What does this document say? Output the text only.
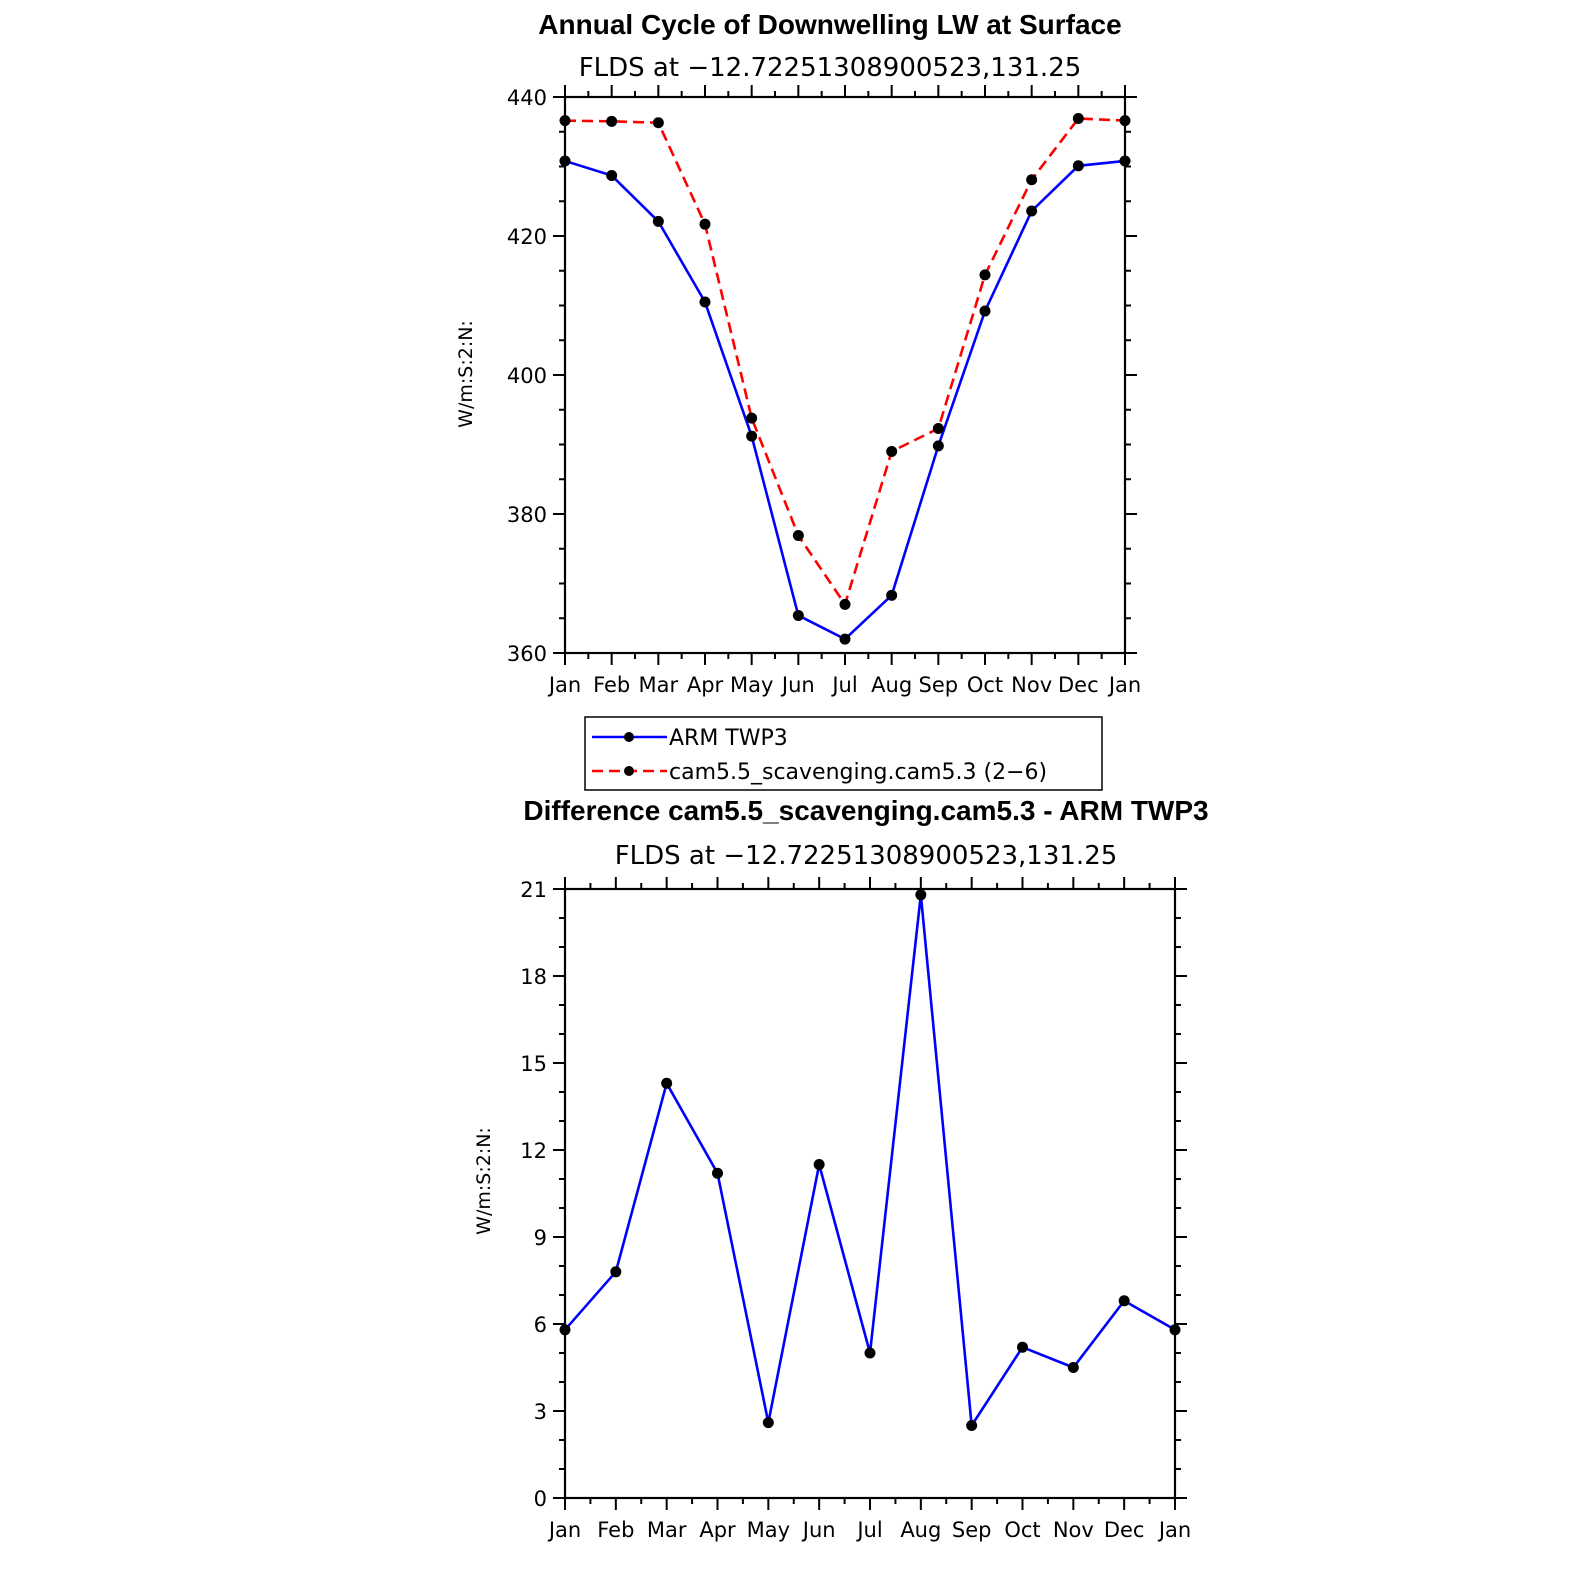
Annual Cycle of Downwelling LW at Surface
FLDS at −12.72251308900523,131.25
W/m:S:2:N:
Jan Feb Mar Apr May Jun Jul Aug Sep Oct Nov Dec Jan
360
380
400
420
440
ARM TWP3
cam5.5_scavenging.cam5.3 (2−6)
Difference cam5.5_scavenging.cam5.3 - ARM TWP3
FLDS at −12.72251308900523,131.25
W/m:S:2:N:
Jan Feb Mar Apr May Jun Jul Aug Sep Oct Nov Dec Jan
0
3
6
9
12
15
18
21
